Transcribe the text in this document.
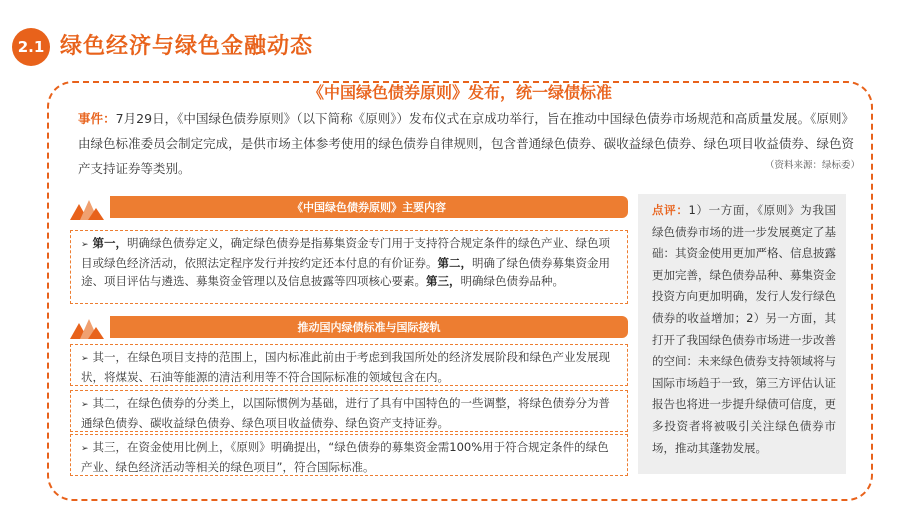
2.1 绿色经济与绿色金融动态
《中国绿色债券原则》发布，统一绿债标准
事件：7月29日，《中国绿色债券原则》（以下简称《原则》）发布仪式在京成功举行，旨在推动中国绿色债券市场规范和高质量发展。《原则》由绿色标准委员会制定完成，是供市场主体参考使用的绿色债券自律规则，包含普通绿色债券、碳收益绿色债券、绿色项目收益债券、绿色资产支持证券等类别。	（资料来源：绿标委）
《中国绿色债券原则》主要内容
➢ 第一，明确绿色债券定义，确定绿色债券是指募集资金专门用于支持符合规定条件的绿色产业、绿色项目或绿色经济活动，依照法定程序发行并按约定还本付息的有价证券。第二，明确了绿色债券募集资金用途、项目评估与遴选、募集资金管理以及信息披露等四项核心要素。第三，明确绿色债券品种。
推动国内绿债标准与国际接轨
➢ 其一，在绿色项目支持的范围上，国内标准此前由于考虑到我国所处的经济发展阶段和绿色产业发展现状，将煤炭、石油等能源的清洁利用等不符合国际标准的领域包含在内。
➢ 其二，在绿色债券的分类上，以国际惯例为基础，进行了具有中国特色的一些调整，将绿色债券分为普通绿色债券、碳收益绿色债券、绿色项目收益债券、绿色资产支持证券。
➢ 其三，在资金使用比例上，《原则》明确提出，“绿色债券的募集资金需100%用于符合规定条件的绿色产业、绿色经济活动等相关的绿色项目”，符合国际标准。
点评：1）一方面，《原则》为我国绿色债券市场的进一步发展奠定了基础：其资金使用更加严格、信息披露更加完善，绿色债券品种、募集资金投资方向更加明确，发行人发行绿色债券的收益增加；2）另一方面，其打开了我国绿色债券市场进一步改善的空间：未来绿色债券支持领域将与国际市场趋于一致，第三方评估认证报告也将进一步提升绿债可信度，更多投资者将被吸引关注绿色债券市场，推动其蓬勃发展。
